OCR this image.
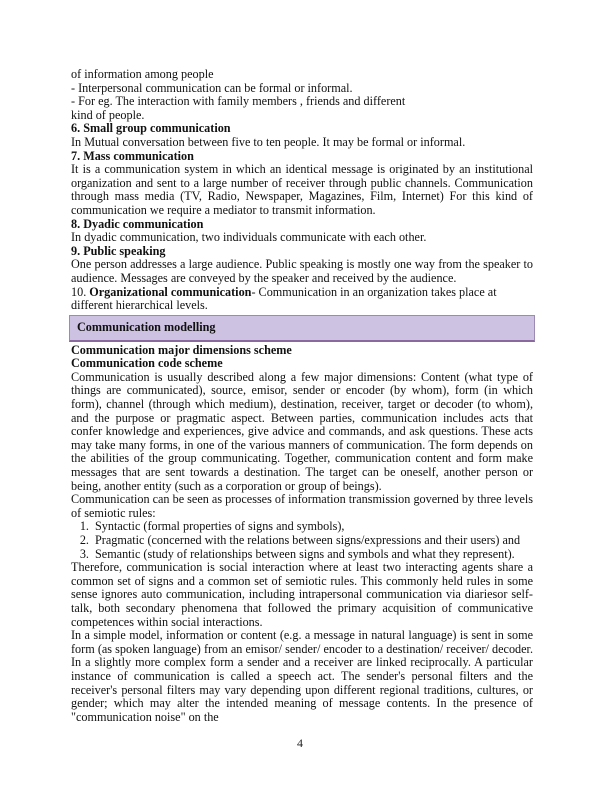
of information among people

- Interpersonal communication can be formal or informal.

- For eg. The interaction with family members , friends and different

kind of people.

6. Small group communication

In Mutual conversation between five to ten people. It may be formal or informal.

7. Mass communication

It is a communication system in which an identical message is originated by an institutional organization and sent to a large number of receiver through public channels. Communication through mass media (TV, Radio, Newspaper, Magazines, Film, Internet) For this kind of communication we require a mediator to transmit information.

8. Dyadic communication

In dyadic communication, two individuals communicate with each other.

9. Public speaking

One person addresses a large audience. Public speaking is mostly one way from the speaker to audience. Messages are conveyed by the speaker and received by the audience.

10. Organizational communication- Communication in an organization takes place at different hierarchical levels.

Communication modelling

Communication major dimensions scheme

Communication code scheme

Communication is usually described along a few major dimensions: Content (what type of things are communicated), source, emisor, sender or encoder (by whom), form (in which form), channel (through which medium), destination, receiver, target or decoder (to whom), and the purpose or pragmatic aspect. Between parties, communication includes acts that confer knowledge and experiences, give advice and commands, and ask questions. These acts may take many forms, in one of the various manners of communication. The form depends on the abilities of the group communicating. Together, communication content and form make messages that are sent towards a destination. The target can be oneself, another person or being, another entity (such as a corporation or group of beings).

Communication can be seen as processes of information transmission governed by three levels of semiotic rules:

1. Syntactic (formal properties of signs and symbols),
2. Pragmatic (concerned with the relations between signs/expressions and their users) and
3. Semantic (study of relationships between signs and symbols and what they represent).

Therefore, communication is social interaction where at least two interacting agents share a common set of signs and a common set of semiotic rules. This commonly held rules in some sense ignores auto communication, including intrapersonal communication via diariesor self-talk, both secondary phenomena that followed the primary acquisition of communicative competences within social interactions.

In a simple model, information or content (e.g. a message in natural language) is sent in some form (as spoken language) from an emisor/ sender/ encoder to a destination/ receiver/ decoder. In a slightly more complex form a sender and a receiver are linked reciprocally. A particular instance of communication is called a speech act. The sender's personal filters and the receiver's personal filters may vary depending upon different regional traditions, cultures, or gender; which may alter the intended meaning of message contents. In the presence of "communication noise" on the

4
